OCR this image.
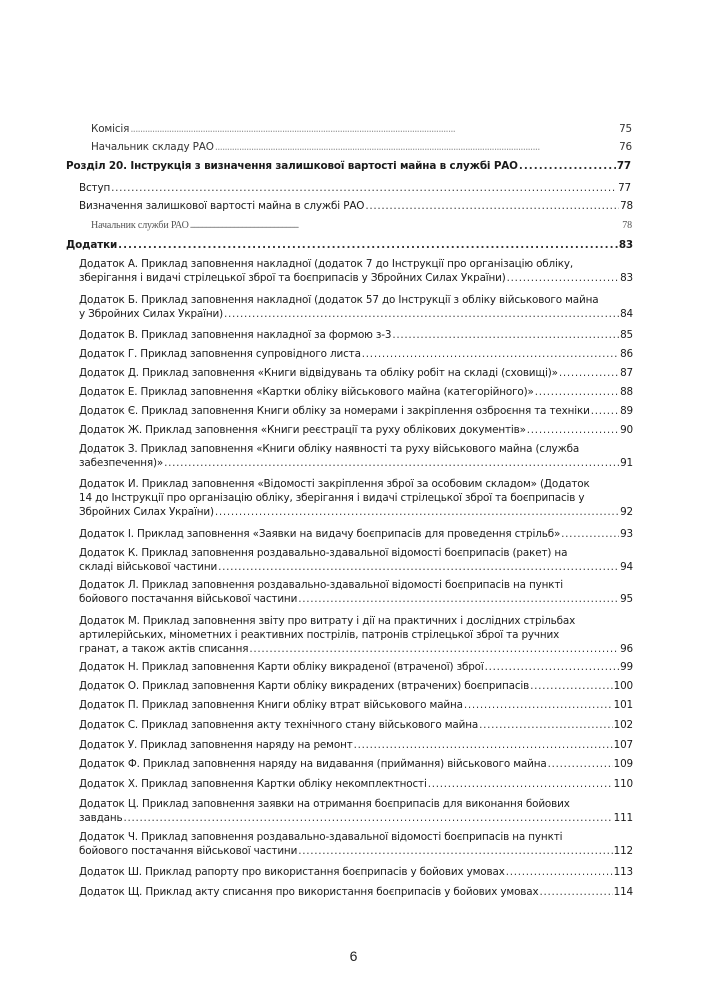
Комісія . . .	75
Начальник складу РАО . . .	76
Розділ 20. Інструкція з визначення залишкової вартості майна в службі РАО . . .	77
Вступ . . .	77
Визначення залишкової вартості майна в службі РАО . . .	78
Начальник служби РАО . . .	78
Додатки . . .	83
Додаток А. Приклад заповнення накладної (додаток 7 до Інструкції про організацію обліку,
зберігання і видачі стрілецької зброї та боєприпасів у Збройних Силах України) . . .	83
Додаток Б. Приклад заповнення накладної (додаток 57 до Інструкції з обліку військового майна
у Збройних Силах України) . . .	84
Додаток В. Приклад заповнення накладної за формою з-3 . . .	85
Додаток Г. Приклад заповнення супровідного листа . . .	86
Додаток Д. Приклад заповнення «Книги відвідувань та обліку робіт на складі (сховищі)» . . .	87
Додаток Е. Приклад заповнення «Картки обліку військового майна (категорійного)» . . .	88
Додаток Є. Приклад заповнення Книги обліку за номерами і закріплення озброєння та техніки . . .	89
Додаток Ж. Приклад заповнення «Книги реєстрації та руху облікових документів» . . .	90
Додаток З. Приклад заповнення «Книги обліку наявності та руху військового майна (служба
забезпечення)» . . .	91
Додаток И. Приклад заповнення «Відомості закріплення зброї за особовим складом» (Додаток
14 до Інструкції про організацію обліку, зберігання і видачі стрілецької зброї та боєприпасів у
Збройних Силах України) . . .	92
Додаток І. Приклад заповнення «Заявки на видачу боєприпасів для проведення стрільб» . . .	93
Додаток К. Приклад заповнення роздавально-здавальної відомості боєприпасів (ракет) на
складі військової частини . . .	94
Додаток Л. Приклад заповнення роздавально-здавальної відомості боєприпасів на пункті
бойового постачання військової частини . . .	95
Додаток М. Приклад заповнення звіту про витрату і дії на практичних і дослідних стрільбах
артилерійських, мінометних і реактивних пострілів, патронів стрілецької зброї та ручних
гранат, а також актів списання . . .	96
Додаток Н. Приклад заповнення Карти обліку викраденої (втраченої) зброї . . .	99
Додаток О. Приклад заповнення Карти обліку викрадених (втрачених) боєприпасів . . .	100
Додаток П. Приклад заповнення Книги обліку втрат військового майна . . .	101
Додаток С. Приклад заповнення акту технічного стану військового майна . . .	102
Додаток У. Приклад заповнення наряду на ремонт . . .	107
Додаток Ф. Приклад заповнення наряду на видавання (приймання) військового майна . . .	109
Додаток Х. Приклад заповнення Картки обліку некомплектності . . .	110
Додаток Ц. Приклад заповнення заявки на отримання боєприпасів для виконання бойових
завдань . . .	111
Додаток Ч. Приклад заповнення роздавально-здавальної відомості боєприпасів на пункті
бойового постачання військової частини . . .	112
Додаток Ш. Приклад рапорту про використання боєприпасів у бойових умовах . . .	113
Додаток Щ. Приклад акту списання про використання боєприпасів у бойових умовах . . .	114
6
